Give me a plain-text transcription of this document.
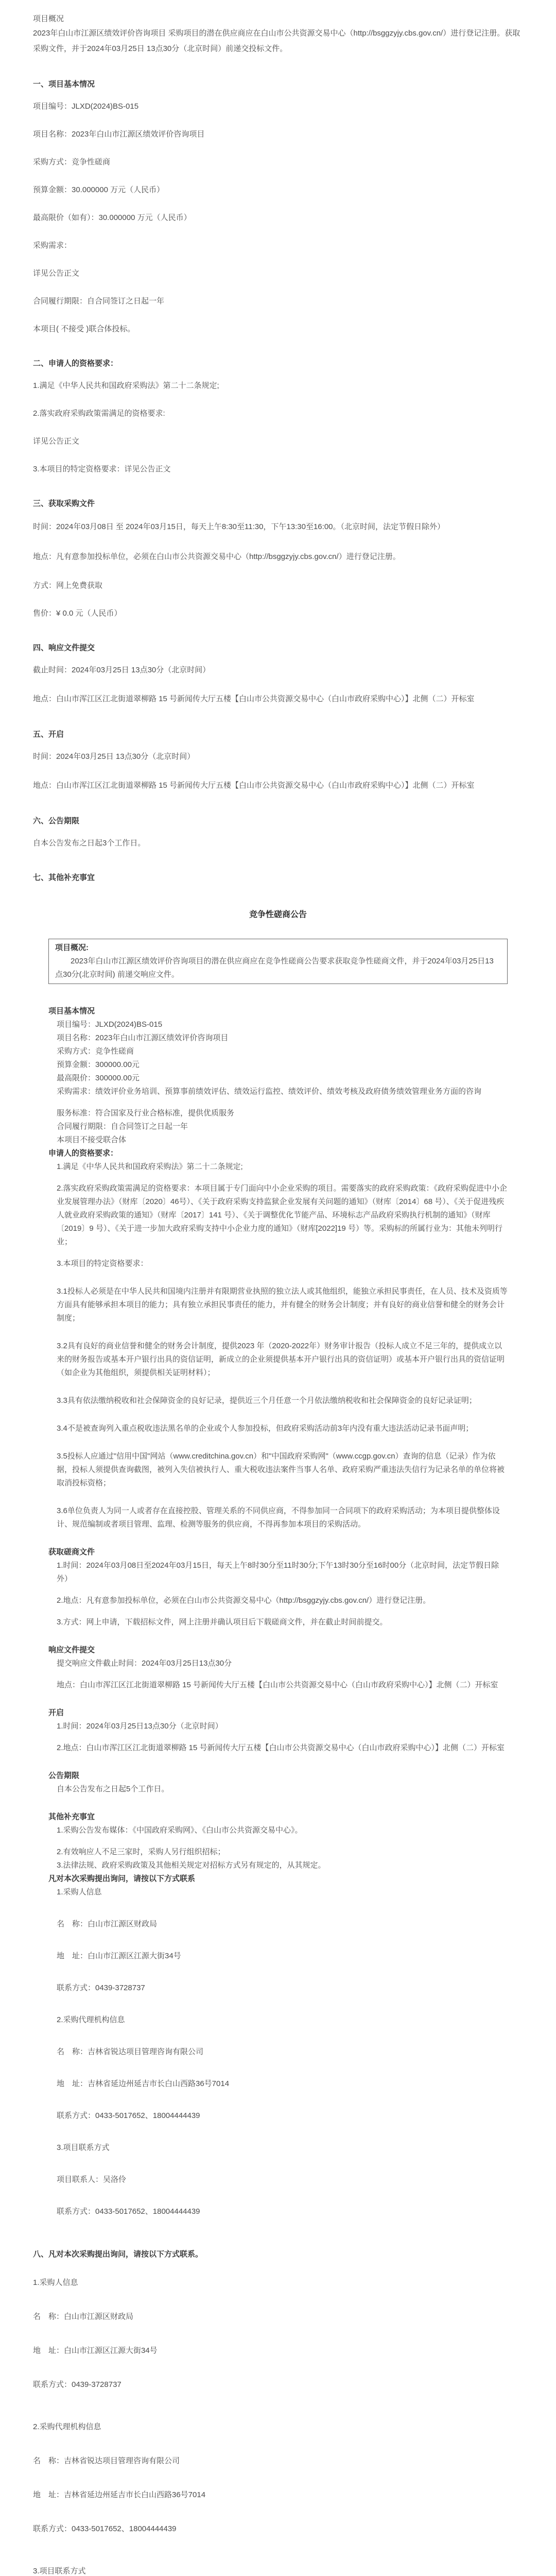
项目概况

2023年白山市江源区绩效评价咨询项目 采购项目的潜在供应商应在白山市公共资源交易中心（http://bsggzyjy.cbs.gov.cn/）进行登记注册。获取采购文件，并于2024年03月25日 13点30分（北京时间）前递交投标文件。

一、项目基本情况

项目编号：JLXD(2024)BS-015

项目名称：2023年白山市江源区绩效评价咨询项目

采购方式：竞争性磋商

预算金额：30.000000 万元（人民币）

最高限价（如有）：30.000000 万元（人民币）

采购需求：

详见公告正文

合同履行期限：自合同签订之日起一年

本项目( 不接受 )联合体投标。

二、申请人的资格要求：

1.满足《中华人民共和国政府采购法》第二十二条规定;

2.落实政府采购政策需满足的资格要求:

详见公告正文

3.本项目的特定资格要求：详见公告正文

三、获取采购文件

时间：2024年03月08日 至 2024年03月15日，每天上午8:30至11:30，下午13:30至16:00。（北京时间，法定节假日除外）

地点：凡有意参加投标单位，必须在白山市公共资源交易中心（http://bsggzyjy.cbs.gov.cn/）进行登记注册。

方式：网上免费获取

售价：¥ 0.0 元（人民币）

四、响应文件提交

截止时间：2024年03月25日 13点30分（北京时间）

地点：白山市浑江区江北街道翠柳路 15 号新闻传大厅五楼【白山市公共资源交易中心（白山市政府采购中心）】北侧（二）开标室

五、开启

时间：2024年03月25日 13点30分（北京时间）

地点：白山市浑江区江北街道翠柳路 15 号新闻传大厅五楼【白山市公共资源交易中心（白山市政府采购中心）】北侧（二）开标室

六、公告期限

自本公告发布之日起3个工作日。

七、其他补充事宜

竞争性磋商公告

项目概况:
2023年白山市江源区绩效评价咨询项目的潜在供应商应在竞争性磋商公告要求获取竞争性磋商文件，并于2024年03月25日13点30分(北京时间) 前递交响应文件。

项目基本情况

项目编号：JLXD(2024)BS-015

项目名称：2023年白山市江源区绩效评价咨询项目

采购方式：竞争性磋商

预算金额：300000.00元

最高限价：300000.00元

采购需求：绩效评价业务培训、预算事前绩效评估、绩效运行监控、绩效评价、绩效考核及政府债务绩效管理业务方面的咨询

服务标准：符合国家及行业合格标准，提供优质服务

合同履行期限：自合同签订之日起一年

本项目不接受联合体

申请人的资格要求：

1.满足《中华人民共和国政府采购法》第二十二条规定;

2.落实政府采购政策需满足的资格要求：本项目属于专门面向中小企业采购的项目。需要落实的政府采购政策：《政府采购促进中小企业发展管理办法》（财库〔2020〕46号）、《关于政府采购支持监狱企业发展有关问题的通知》（财库〔2014〕68 号）、《关于促进残疾人就业政府采购政策的通知》（财库〔2017〕141 号）、《关于调整优化节能产品、环境标志产品政府采购执行机制的通知》（财库〔2019〕9 号）、《关于进一步加大政府采购支持中小企业力度的通知》（财库[2022]19 号）等。采购标的所属行业为：其他未列明行业；

3.本项目的特定资格要求：

3.1投标人必须是在中华人民共和国境内注册并有限期营业执照的独立法人或其他组织，能独立承担民事责任，在人员、技术及资质等方面具有能够承担本项目的能力；具有独立承担民事责任的能力，并有健全的财务会计制度；并有良好的商业信誉和健全的财务会计制度；

3.2具有良好的商业信誉和健全的财务会计制度，提供2023 年（2020-2022年）财务审计报告（投标人成立不足三年的，提供成立以来的财务报告或基本开户银行出具的资信证明，新成立的企业须提供基本开户银行出具的资信证明）或基本开户银行出具的资信证明（如企业为其他组织，须提供相关证明材料）；

3.3具有依法缴纳税收和社会保障资金的良好记录，提供近三个月任意一个月依法缴纳税收和社会保障资金的良好记录证明；

3.4不是被查询列入重点税收违法黑名单的企业或个人参加投标，但政府采购活动前3年内没有重大违法活动记录书面声明；

3.5投标人应通过"信用中国"网站（www.creditchina.gov.cn）和"中国政府采购网"（www.ccgp.gov.cn）查询的信息（记录）作为依据，投标人须提供查询截图，被列入失信被执行人、重大税收违法案件当事人名单、政府采购严重违法失信行为记录名单的单位将被取消投标资格；

3.6单位负责人为同一人或者存在直接控股、管理关系的不同供应商，不得参加同一合同项下的政府采购活动；为本项目提供整体设计、规范编制或者项目管理、监理、检测等服务的供应商，不得再参加本项目的采购活动。

获取磋商文件

1.时间：2024年03月08日至2024年03月15日，每天上午8时30分至11时30分;下午13时30分至16时00分（北京时间，法定节假日除外）

2.地点：凡有意参加投标单位，必须在白山市公共资源交易中心（http://bsggzyjy.cbs.gov.cn/）进行登记注册。

3.方式：网上申请，下载招标文件，网上注册并确认项目后下载磋商文件，并在截止时间前提交。

响应文件提交

提交响应文件截止时间：2024年03月25日13点30分

地点：白山市浑江区江北街道翠柳路 15 号新闻传大厅五楼【白山市公共资源交易中心（白山市政府采购中心）】北侧（二）开标室

开启

1.时间：2024年03月25日13点30分（北京时间）

2.地点：白山市浑江区江北街道翠柳路 15 号新闻传大厅五楼【白山市公共资源交易中心（白山市政府采购中心）】北侧（二）开标室

公告期限

自本公告发布之日起5个工作日。

其他补充事宜

1.采购公告发布媒体：《中国政府采购网》、《白山市公共资源交易中心》。

2.有效响应人不足三家时，采购人另行组织招标；

3.法律法规、政府采购政策及其他相关规定对招标方式另有规定的，从其规定。

凡对本次采购提出询问，请按以下方式联系

1.采购人信息

名　称：白山市江源区财政局

地　址：白山市江源区江源大街34号

联系方式：0439-3728737

2.采购代理机构信息

名　称：吉林省锐达项目管理咨询有限公司

地　址：吉林省延边州延吉市长白山西路36号7014

联系方式：0433-5017652、18004444439

3.项目联系方式

项目联系人：吴洛伶

联系方式：0433-5017652、18004444439

八、凡对本次采购提出询问，请按以下方式联系。

1.采购人信息

名　称：白山市江源区财政局

地　址：白山市江源区江源大街34号

联系方式：0439-3728737

2.采购代理机构信息

名　称：吉林省锐达项目管理咨询有限公司

地　址：吉林省延边州延吉市长白山西路36号7014

联系方式：0433-5017652、18004444439

3.项目联系方式
